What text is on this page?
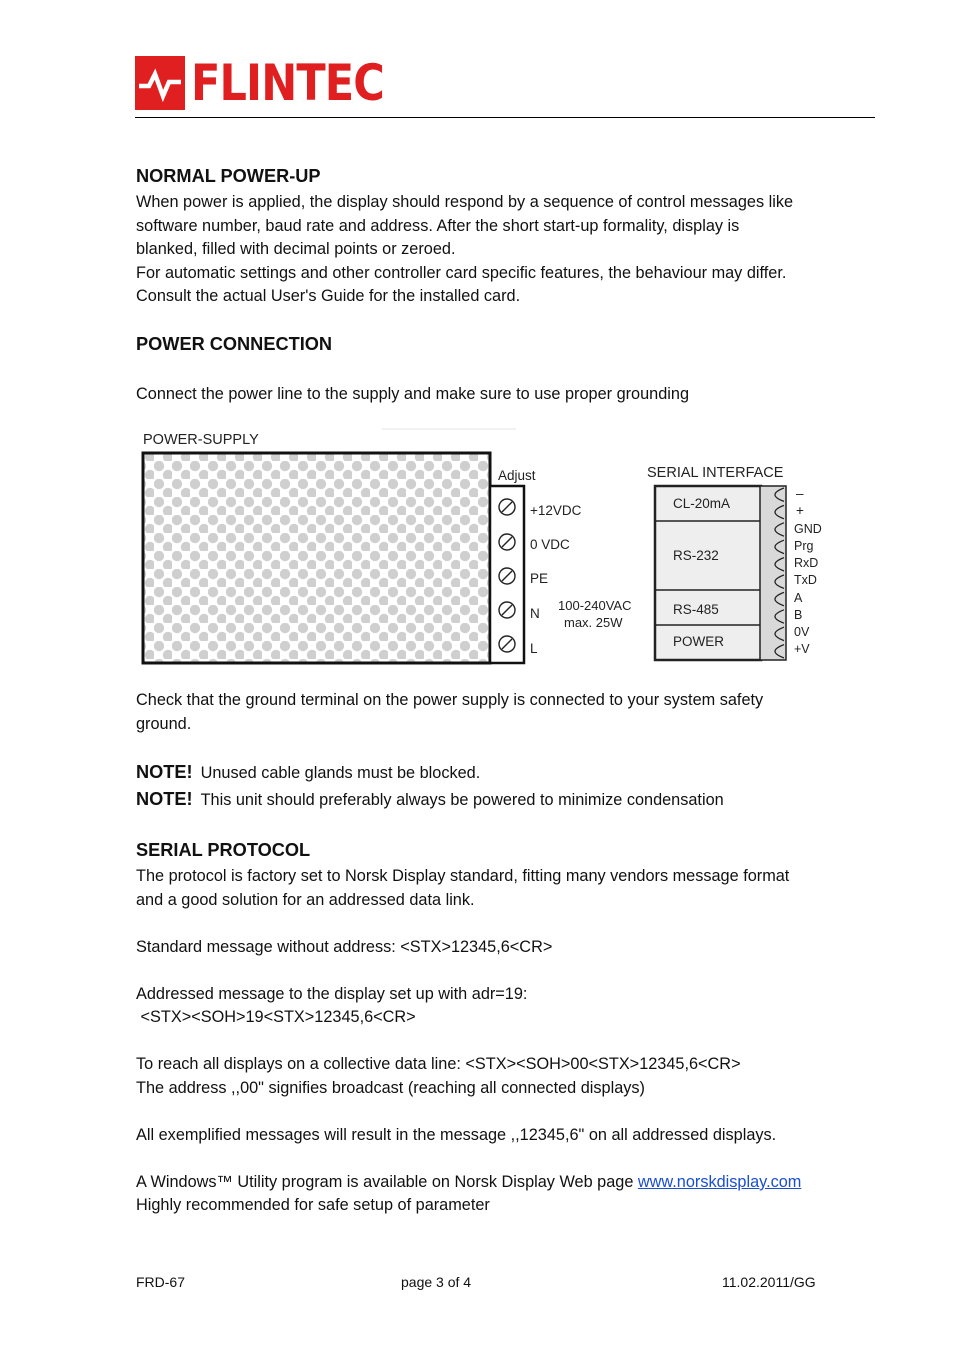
FLINTEC
NORMAL POWER-UP
When power is applied, the display should respond by a sequence of control messages like
software number, baud rate and address. After the short start-up formality, display is
blanked, filled with decimal points or zeroed.
For automatic settings and other controller card specific features, the behaviour may differ.
Consult the actual User's Guide for the installed card.
POWER CONNECTION
Connect the power line to the supply and make sure to use proper grounding
POWER-SUPPLY
Adjust
+12VDC
0 VDC
PE
N
L
100-240VAC
max. 25W
SERIAL INTERFACE
CL-20mA
RS-232
RS-485
POWER
–
+
GND
Prg
RxD
TxD
A
B
0V
+V
Check that the ground terminal on the power supply is connected to your system safety
ground.
NOTE! Unused cable glands must be blocked.
NOTE! This unit should preferably always be powered to minimize condensation
SERIAL PROTOCOL
The protocol is factory set to Norsk Display standard, fitting many vendors message format
and a good solution for an addressed data link.
Standard message without address: <STX>12345,6<CR>
Addressed message to the display set up with adr=19:
<STX><SOH>19<STX>12345,6<CR>
To reach all displays on a collective data line: <STX><SOH>00<STX>12345,6<CR>
The address ,,00" signifies broadcast (reaching all connected displays)
All exemplified messages will result in the message ,,12345,6" on all addressed displays.
A Windows™ Utility program is available on Norsk Display Web page www.norskdisplay.com
Highly recommended for safe setup of parameter
FRD-67	page 3 of 4	11.02.2011/GG
